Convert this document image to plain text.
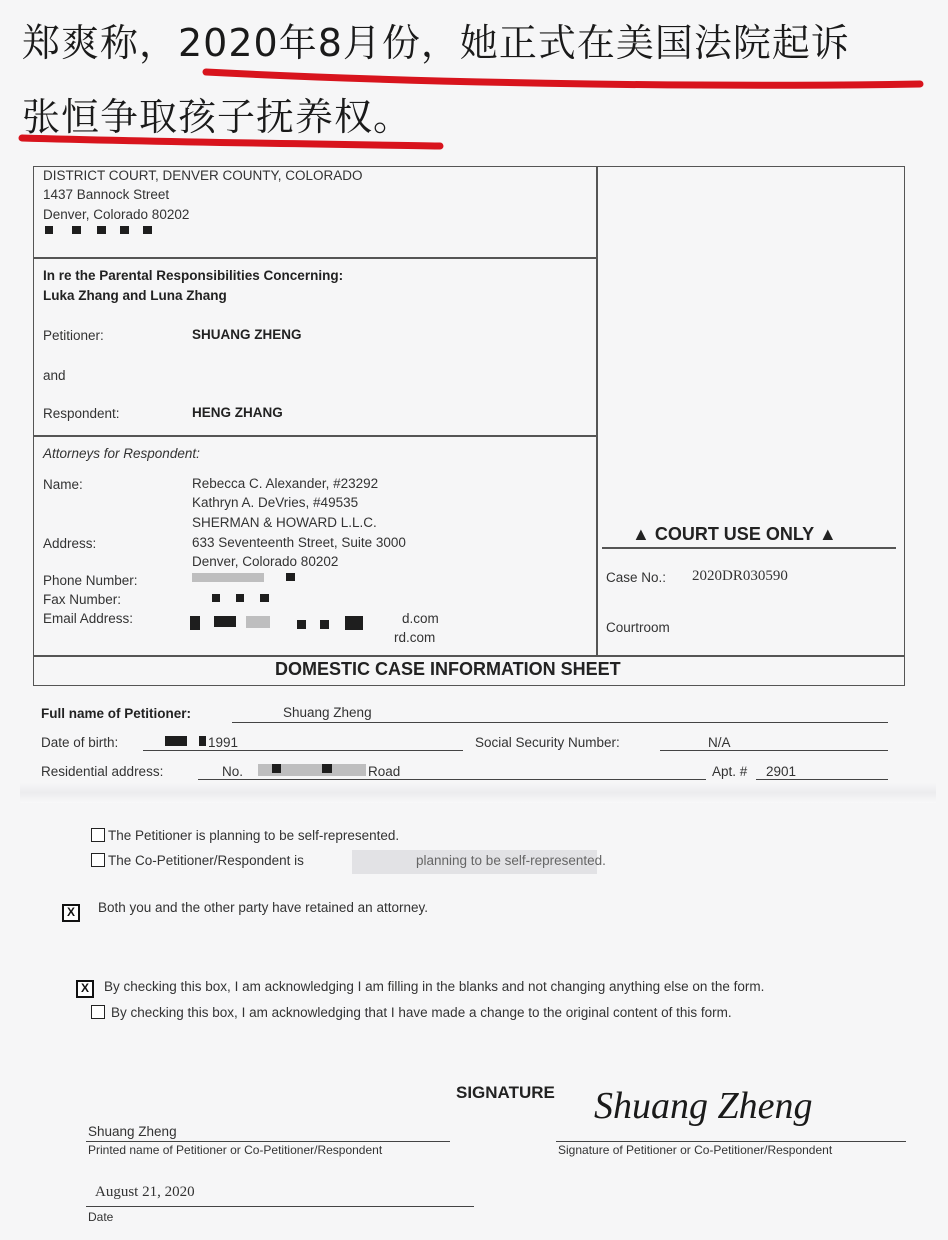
郑爽称，2020年8月份，她正式在美国法院起诉
张恒争取孩子抚养权。
DISTRICT COURT, DENVER COUNTY, COLORADO
1437 Bannock Street
Denver, Colorado 80202
In re the Parental Responsibilities Concerning:
Luka Zhang and Luna Zhang
Petitioner:	SHUANG ZHENG
and
Respondent:	HENG ZHANG
Attorneys for Respondent:
Name:	Rebecca C. Alexander, #23292
Kathryn A. DeVries, #49535
SHERMAN & HOWARD L.L.C.
Address:	633 Seventeenth Street, Suite 3000
Denver, Colorado 80202
Phone Number:
Fax Number:
Email Address:	d.com
rd.com
▲ COURT USE ONLY ▲
Case No.: 2020DR030590
Courtroom
DOMESTIC CASE INFORMATION SHEET
Full name of Petitioner:	Shuang Zheng
Date of birth:	1991	Social Security Number:	N/A
Residential address:	No.	Road	Apt. # 2901
The Petitioner is planning to be self-represented.
The Co-Petitioner/Respondent is	planning to be self-represented.
X	Both you and the other party have retained an attorney.
X	By checking this box, I am acknowledging I am filling in the blanks and not changing anything else on the form.
By checking this box, I am acknowledging that I have made a change to the original content of this form.
SIGNATURE
Shuang Zheng
Printed name of Petitioner or Co-Petitioner/Respondent
Shuang Zheng
Signature of Petitioner or Co-Petitioner/Respondent
August 21, 2020
Date
